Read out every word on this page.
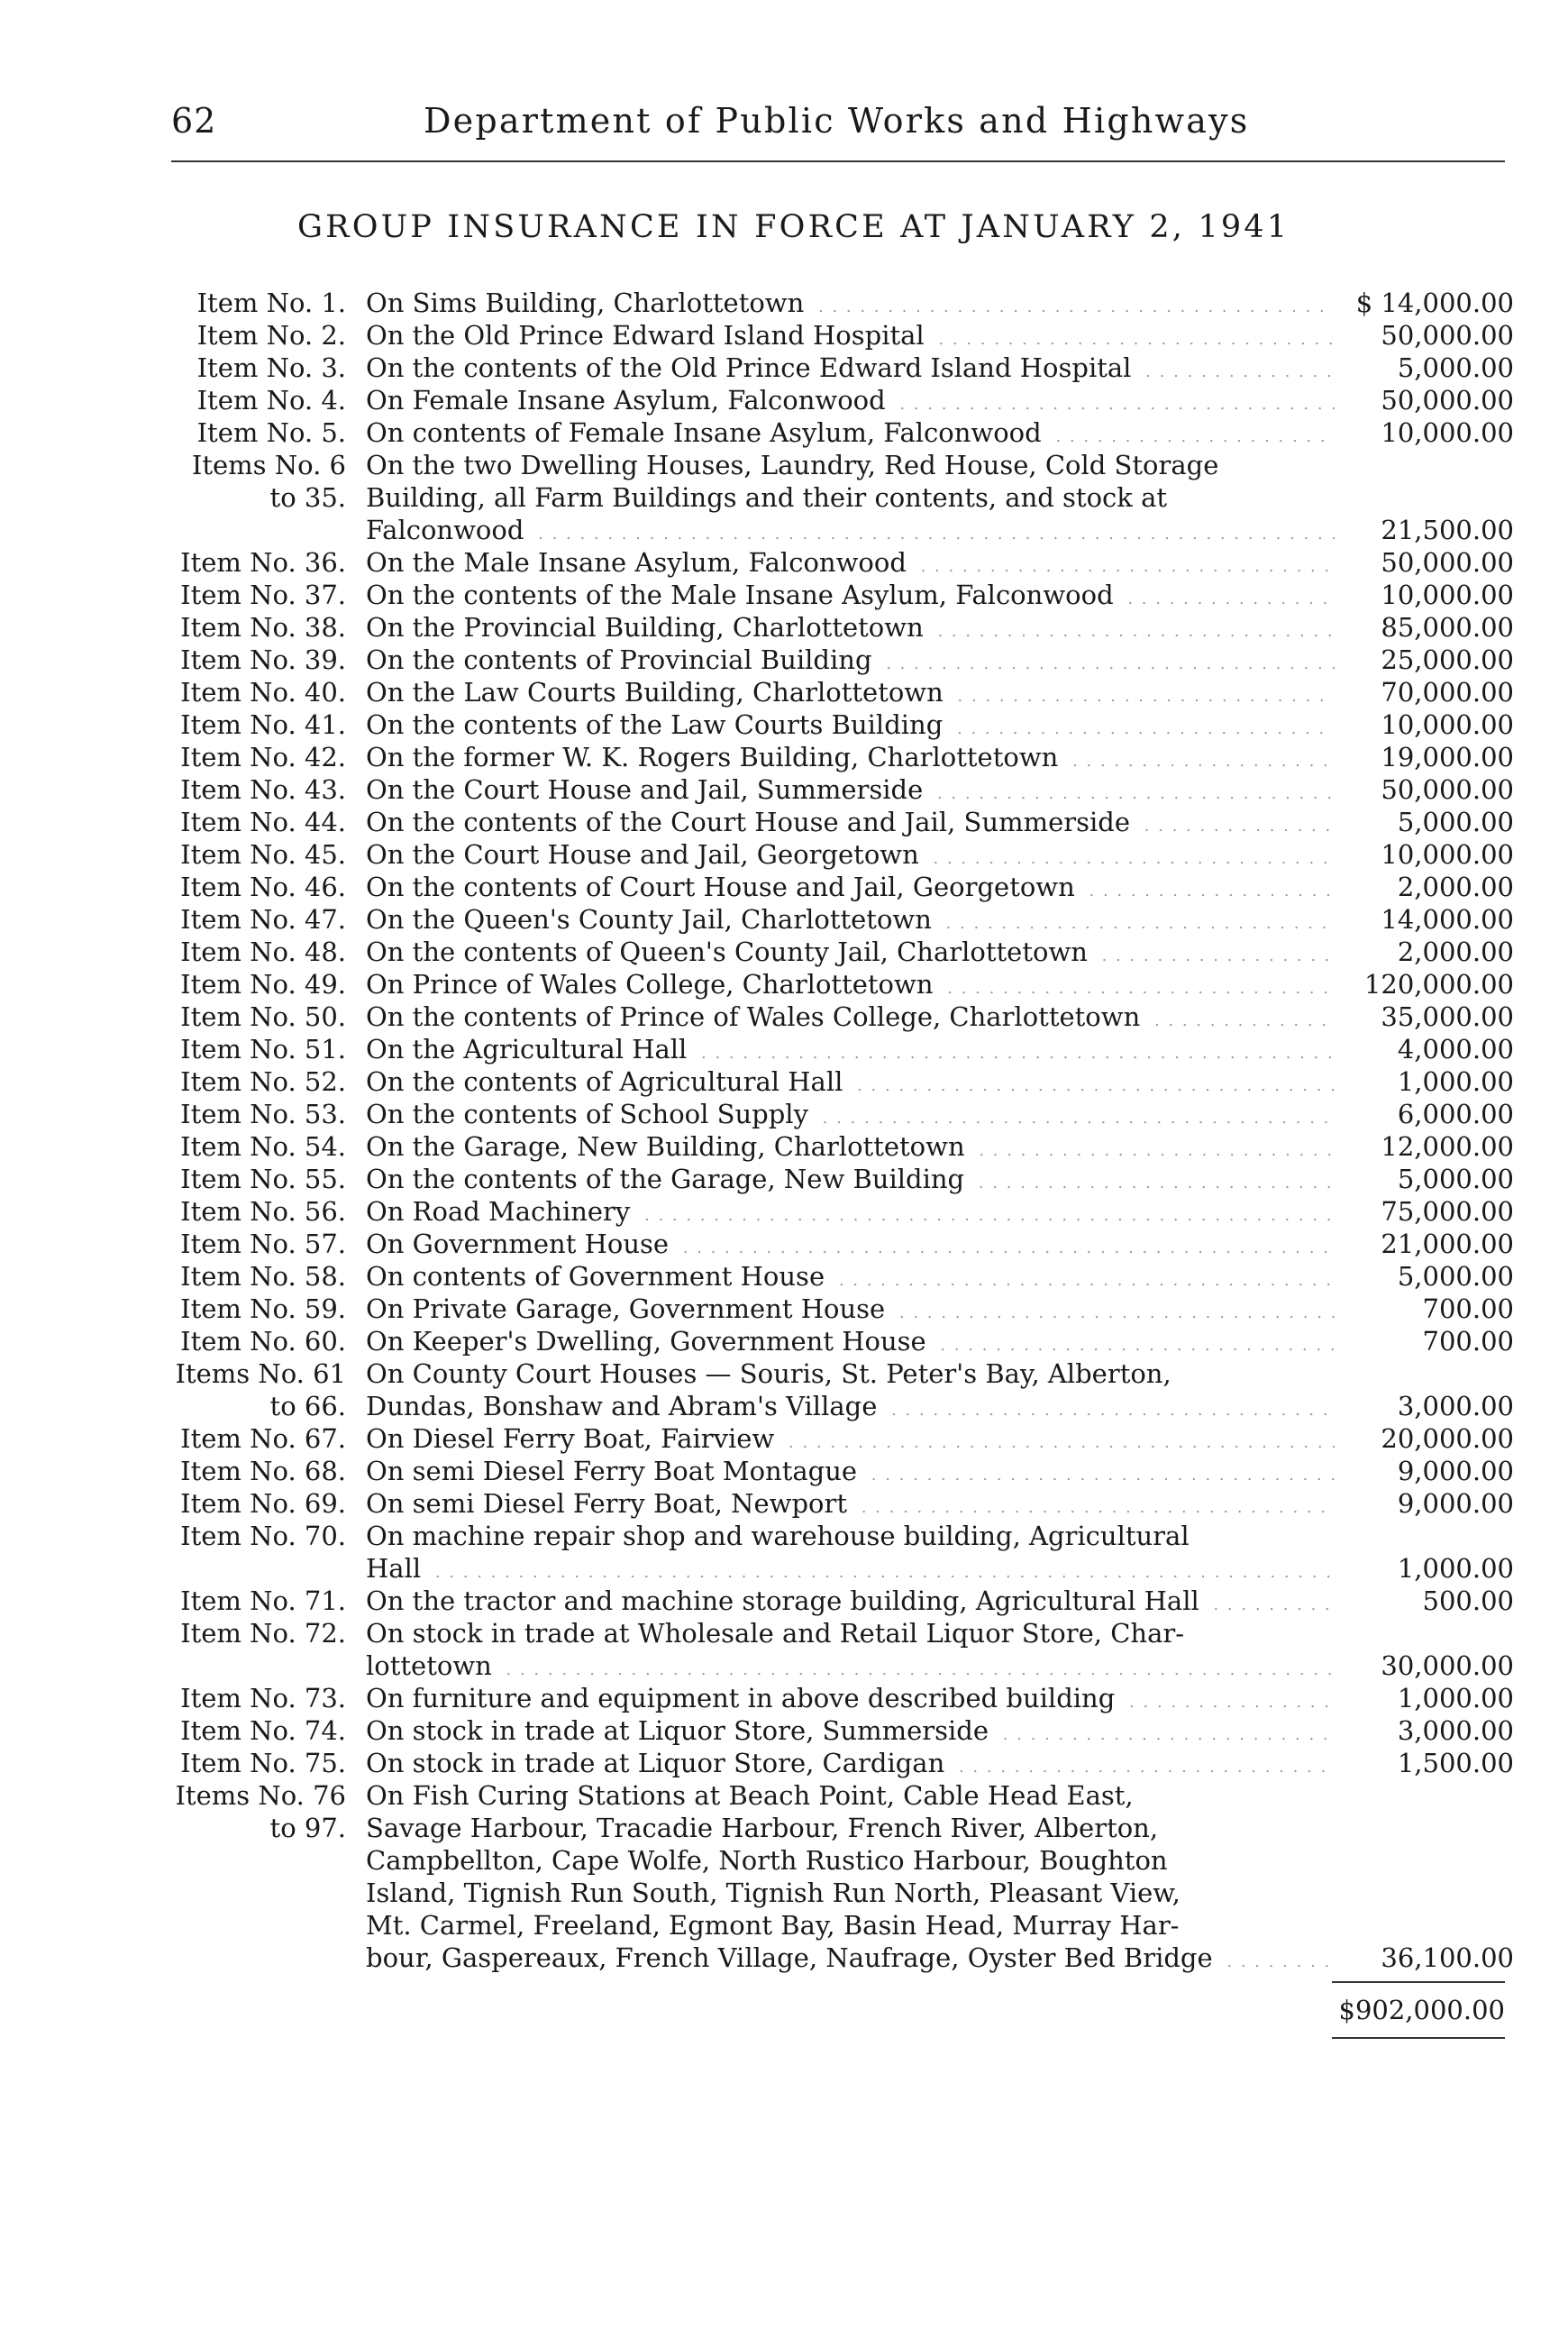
62	Department of Public Works and Highways
GROUP INSURANCE IN FORCE AT JANUARY 2, 1941
Item No. 1. On Sims Building, Charlottetown . . .	$ 14,000.00
Item No. 2. On the Old Prince Edward Island Hospital . . .	50,000.00
Item No. 3. On the contents of the Old Prince Edward Island Hospital . . .	5,000.00
Item No. 4. On Female Insane Asylum, Falconwood . . .	50,000.00
Item No. 5. On contents of Female Insane Asylum, Falconwood . . .	10,000.00
Items No. 6 On the two Dwelling Houses, Laundry, Red House, Cold Storage
to 35. Building, all Farm Buildings and their contents, and stock at
Falconwood . . .	21,500.00
Item No. 36. On the Male Insane Asylum, Falconwood . . .	50,000.00
Item No. 37. On the contents of the Male Insane Asylum, Falconwood . . .	10,000.00
Item No. 38. On the Provincial Building, Charlottetown . . .	85,000.00
Item No. 39. On the contents of Provincial Building . . .	25,000.00
Item No. 40. On the Law Courts Building, Charlottetown . . .	70,000.00
Item No. 41. On the contents of the Law Courts Building . . .	10,000.00
Item No. 42. On the former W. K. Rogers Building, Charlottetown . . .	19,000.00
Item No. 43. On the Court House and Jail, Summerside . . .	50,000.00
Item No. 44. On the contents of the Court House and Jail, Summerside . . .	5,000.00
Item No. 45. On the Court House and Jail, Georgetown . . .	10,000.00
Item No. 46. On the contents of Court House and Jail, Georgetown . . .	2,000.00
Item No. 47. On the Queen's County Jail, Charlottetown . . .	14,000.00
Item No. 48. On the contents of Queen's County Jail, Charlottetown . . .	2,000.00
Item No. 49. On Prince of Wales College, Charlottetown . . .	120,000.00
Item No. 50. On the contents of Prince of Wales College, Charlottetown . . .	35,000.00
Item No. 51. On the Agricultural Hall . . .	4,000.00
Item No. 52. On the contents of Agricultural Hall . . .	1,000.00
Item No. 53. On the contents of School Supply . . .	6,000.00
Item No. 54. On the Garage, New Building, Charlottetown . . .	12,000.00
Item No. 55. On the contents of the Garage, New Building . . .	5,000.00
Item No. 56. On Road Machinery . . .	75,000.00
Item No. 57. On Government House . . .	21,000.00
Item No. 58. On contents of Government House . . .	5,000.00
Item No. 59. On Private Garage, Government House . . .	700.00
Item No. 60. On Keeper's Dwelling, Government House . . .	700.00
Items No. 61 On County Court Houses — Souris, St. Peter's Bay, Alberton,
to 66. Dundas, Bonshaw and Abram's Village . . .	3,000.00
Item No. 67. On Diesel Ferry Boat, Fairview . . .	20,000.00
Item No. 68. On semi Diesel Ferry Boat Montague . . .	9,000.00
Item No. 69. On semi Diesel Ferry Boat, Newport . . .	9,000.00
Item No. 70. On machine repair shop and warehouse building, Agricultural
Hall . . .	1,000.00
Item No. 71. On the tractor and machine storage building, Agricultural Hall . . .	500.00
Item No. 72. On stock in trade at Wholesale and Retail Liquor Store, Char-
lottetown . . .	30,000.00
Item No. 73. On furniture and equipment in above described building . . .	1,000.00
Item No. 74. On stock in trade at Liquor Store, Summerside . . .	3,000.00
Item No. 75. On stock in trade at Liquor Store, Cardigan . . .	1,500.00
Items No. 76 On Fish Curing Stations at Beach Point, Cable Head East,
to 97. Savage Harbour, Tracadie Harbour, French River, Alberton,
Campbellton, Cape Wolfe, North Rustico Harbour, Boughton
Island, Tignish Run South, Tignish Run North, Pleasant View,
Mt. Carmel, Freeland, Egmont Bay, Basin Head, Murray Har-
bour, Gaspereaux, French Village, Naufrage, Oyster Bed Bridge . . .	36,100.00
$902,000.00
